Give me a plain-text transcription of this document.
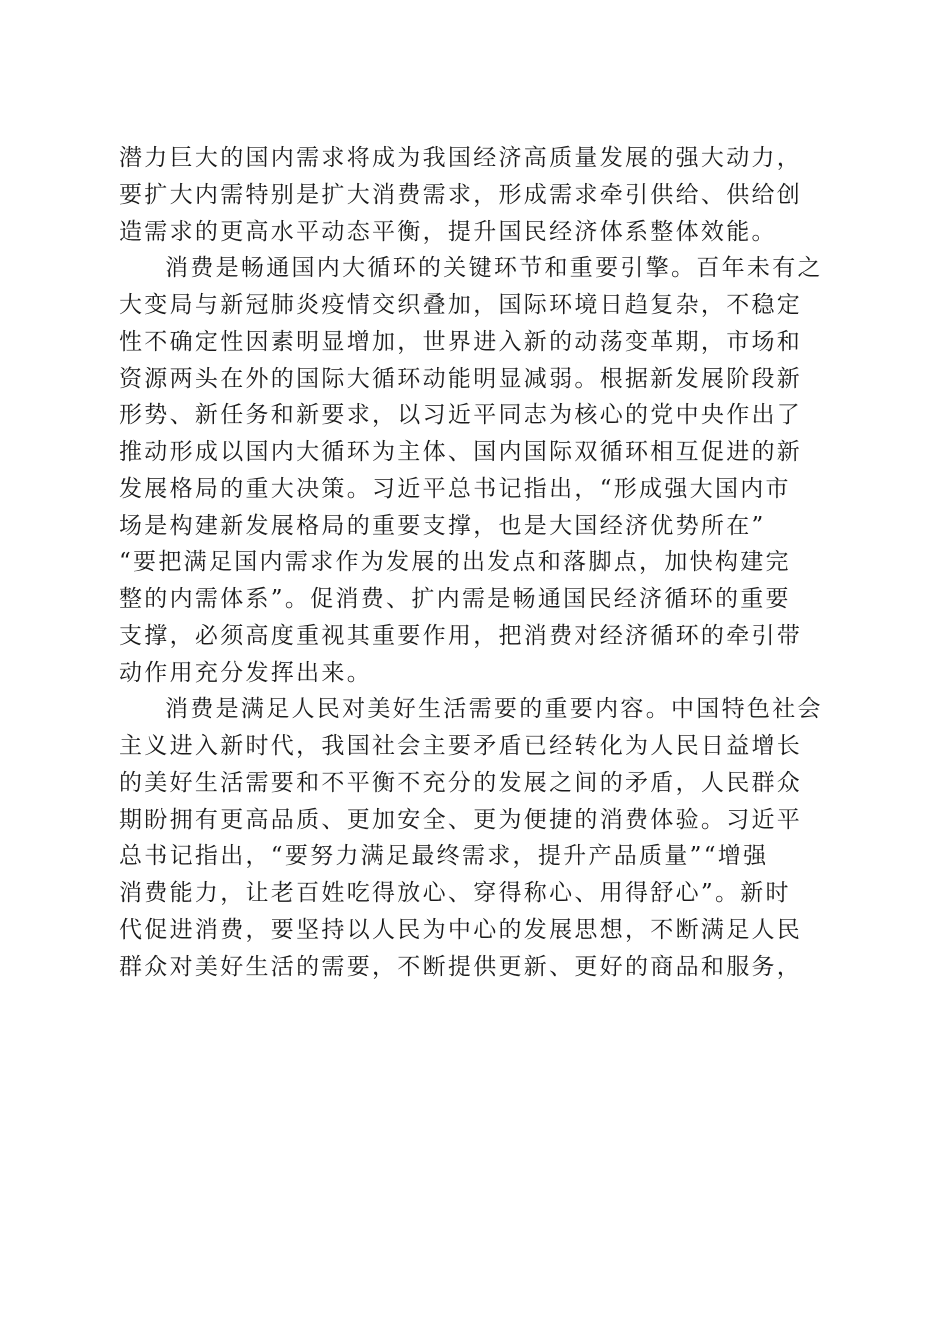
潜力巨大的国内需求将成为我国经济高质量发展的强大动力，
要扩大内需特别是扩大消费需求，形成需求牵引供给、供给创
造需求的更高水平动态平衡，提升国民经济体系整体效能。
消费是畅通国内大循环的关键环节和重要引擎。百年未有之
大变局与新冠肺炎疫情交织叠加，国际环境日趋复杂，不稳定
性不确定性因素明显增加，世界进入新的动荡变革期，市场和
资源两头在外的国际大循环动能明显减弱。根据新发展阶段新
形势、新任务和新要求，以习近平同志为核心的党中央作出了
推动形成以国内大循环为主体、国内国际双循环相互促进的新
发展格局的重大决策。习近平总书记指出，“形成强大国内市
场是构建新发展格局的重要支撑，也是大国经济优势所在”
“要把满足国内需求作为发展的出发点和落脚点，加快构建完
整的内需体系”。促消费、扩内需是畅通国民经济循环的重要
支撑，必须高度重视其重要作用，把消费对经济循环的牵引带
动作用充分发挥出来。
消费是满足人民对美好生活需要的重要内容。中国特色社会
主义进入新时代，我国社会主要矛盾已经转化为人民日益增长
的美好生活需要和不平衡不充分的发展之间的矛盾，人民群众
期盼拥有更高品质、更加安全、更为便捷的消费体验。习近平
总书记指出，“要努力满足最终需求，提升产品质量”“增强
消费能力，让老百姓吃得放心、穿得称心、用得舒心”。新时
代促进消费，要坚持以人民为中心的发展思想，不断满足人民
群众对美好生活的需要，不断提供更新、更好的商品和服务，
